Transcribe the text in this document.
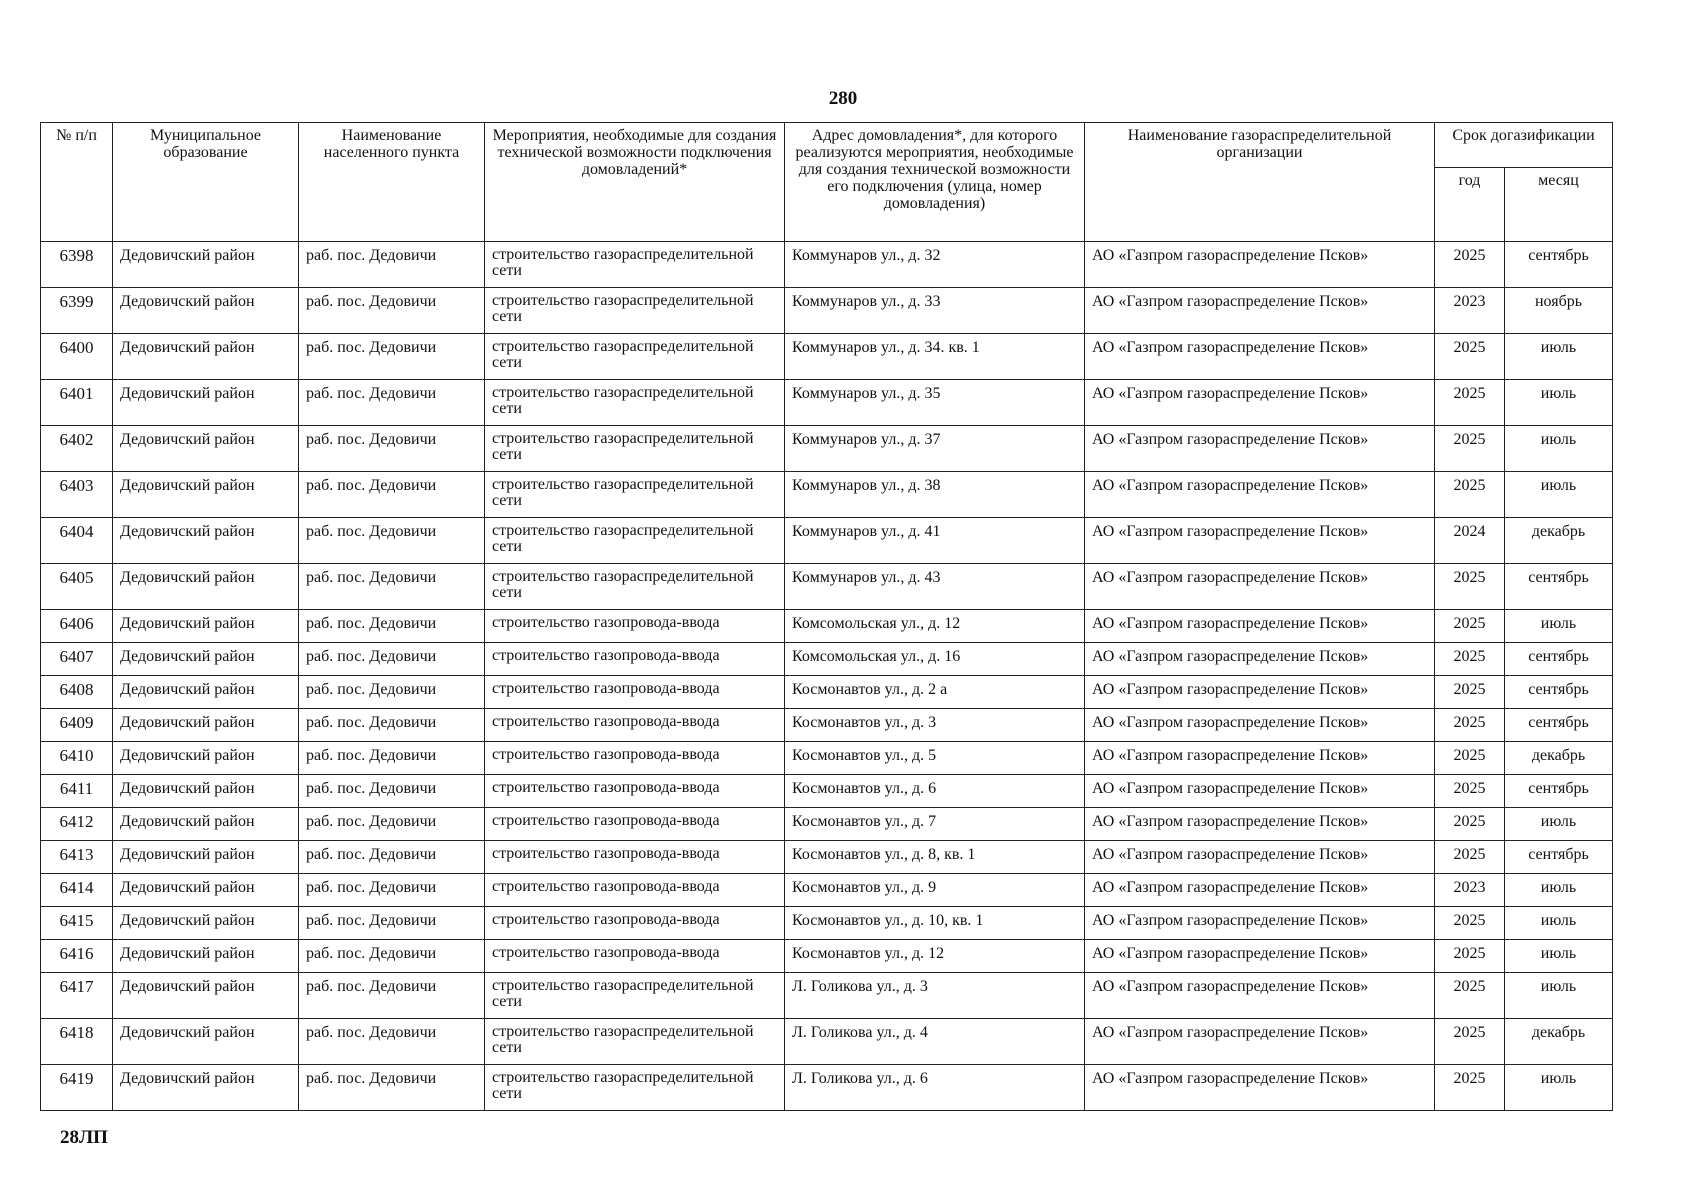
280
№ п/п	Муниципальное образование	Наименование населенного пункта	Мероприятия, необходимые для создания технической возможности подключения домовладений*	Адрес домовладения*, для которого реализуются мероприятия, необходимые для создания технической возможности его подключения (улица, номер домовладения)	Наименование газораспределительной организации	Срок догазификации	
						год	месяц
6398	Дедовичский район	раб. пос. Дедовичи	строительство газораспределительной сети	Коммунаров ул., д. 32	АО «Газпром газораспределение Псков»	2025	сентябрь
6399	Дедовичский район	раб. пос. Дедовичи	строительство газораспределительной сети	Коммунаров ул., д. 33	АО «Газпром газораспределение Псков»	2023	ноябрь
6400	Дедовичский район	раб. пос. Дедовичи	строительство газораспределительной сети	Коммунаров ул., д. 34. кв. 1	АО «Газпром газораспределение Псков»	2025	июль
6401	Дедовичский район	раб. пос. Дедовичи	строительство газораспределительной сети	Коммунаров ул., д. 35	АО «Газпром газораспределение Псков»	2025	июль
6402	Дедовичский район	раб. пос. Дедовичи	строительство газораспределительной сети	Коммунаров ул., д. 37	АО «Газпром газораспределение Псков»	2025	июль
6403	Дедовичский район	раб. пос. Дедовичи	строительство газораспределительной сети	Коммунаров ул., д. 38	АО «Газпром газораспределение Псков»	2025	июль
6404	Дедовичский район	раб. пос. Дедовичи	строительство газораспределительной сети	Коммунаров ул., д. 41	АО «Газпром газораспределение Псков»	2024	декабрь
6405	Дедовичский район	раб. пос. Дедовичи	строительство газораспределительной сети	Коммунаров ул., д. 43	АО «Газпром газораспределение Псков»	2025	сентябрь
6406	Дедовичский район	раб. пос. Дедовичи	строительство газопровода-ввода	Комсомольская ул., д. 12	АО «Газпром газораспределение Псков»	2025	июль
6407	Дедовичский район	раб. пос. Дедовичи	строительство газопровода-ввода	Комсомольская ул., д. 16	АО «Газпром газораспределение Псков»	2025	сентябрь
6408	Дедовичский район	раб. пос. Дедовичи	строительство газопровода-ввода	Космонавтов ул., д. 2 а	АО «Газпром газораспределение Псков»	2025	сентябрь
6409	Дедовичский район	раб. пос. Дедовичи	строительство газопровода-ввода	Космонавтов ул., д. 3	АО «Газпром газораспределение Псков»	2025	сентябрь
6410	Дедовичский район	раб. пос. Дедовичи	строительство газопровода-ввода	Космонавтов ул., д. 5	АО «Газпром газораспределение Псков»	2025	декабрь
6411	Дедовичский район	раб. пос. Дедовичи	строительство газопровода-ввода	Космонавтов ул., д. 6	АО «Газпром газораспределение Псков»	2025	сентябрь
6412	Дедовичский район	раб. пос. Дедовичи	строительство газопровода-ввода	Космонавтов ул., д. 7	АО «Газпром газораспределение Псков»	2025	июль
6413	Дедовичский район	раб. пос. Дедовичи	строительство газопровода-ввода	Космонавтов ул., д. 8, кв. 1	АО «Газпром газораспределение Псков»	2025	сентябрь
6414	Дедовичский район	раб. пос. Дедовичи	строительство газопровода-ввода	Космонавтов ул., д. 9	АО «Газпром газораспределение Псков»	2023	июль
6415	Дедовичский район	раб. пос. Дедовичи	строительство газопровода-ввода	Космонавтов ул., д. 10, кв. 1	АО «Газпром газораспределение Псков»	2025	июль
6416	Дедовичский район	раб. пос. Дедовичи	строительство газопровода-ввода	Космонавтов ул., д. 12	АО «Газпром газораспределение Псков»	2025	июль
6417	Дедовичский район	раб. пос. Дедовичи	строительство газораспределительной сети	Л. Голикова ул., д. 3	АО «Газпром газораспределение Псков»	2025	июль
6418	Дедовичский район	раб. пос. Дедовичи	строительство газораспределительной сети	Л. Голикова ул., д. 4	АО «Газпром газораспределение Псков»	2025	декабрь
6419	Дедовичский район	раб. пос. Дедовичи	строительство газораспределительной сети	Л. Голикова ул., д. 6	АО «Газпром газораспределение Псков»	2025	июль
28ЛП
